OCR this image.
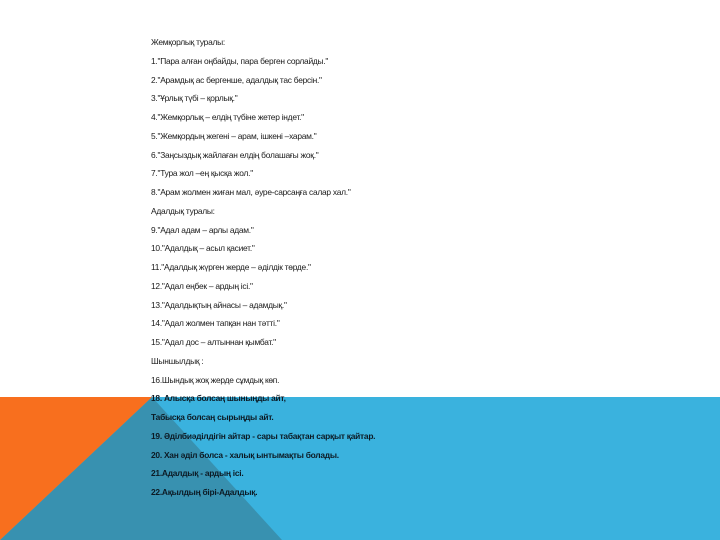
Жемқорлық туралы:
1."Пара алған оңбайды, пара берген сорлайды."
2."Арамдық ас бергенше, адалдық тас берсін."
3."Ұрлық түбі – қорлық."
4."Жемқорлық – елдің түбіне жетер індет."
5."Жемқордың жегені – арам, ішкені –харам."
6."Заңсыздық жайлаған елдің болашағы жоқ."
7."Тура жол –ең қысқа жол."
8."Арам жолмен жиған мал, әуре-сарсаңға салар хал."
Адалдық туралы:
9."Адал адам – арлы адам."
10."Адалдық – асыл қасиет."
11."Адалдық жүрген жерде – әділдік төрде."
12."Адал еңбек – ардың ісі."
13."Адалдықтың айнасы – адамдық."
14."Адал жолмен тапқан нан тәтті."
15."Адал дос – алтыннан қымбат."
Шыншылдық :
16.Шындық жоқ жерде сұмдық көп.
18. Алысқа болсаң шыныңды айт,
Табысқа болсаң сырыңды айт.
19. Әділбиәділдігін айтар - сары табақтан сарқыт қайтар.
20. Хан әділ болса - халық ынтымақты болады.
21.Адалдық - ардың ісі.
22.Ақылдың бірі-Адалдық.
